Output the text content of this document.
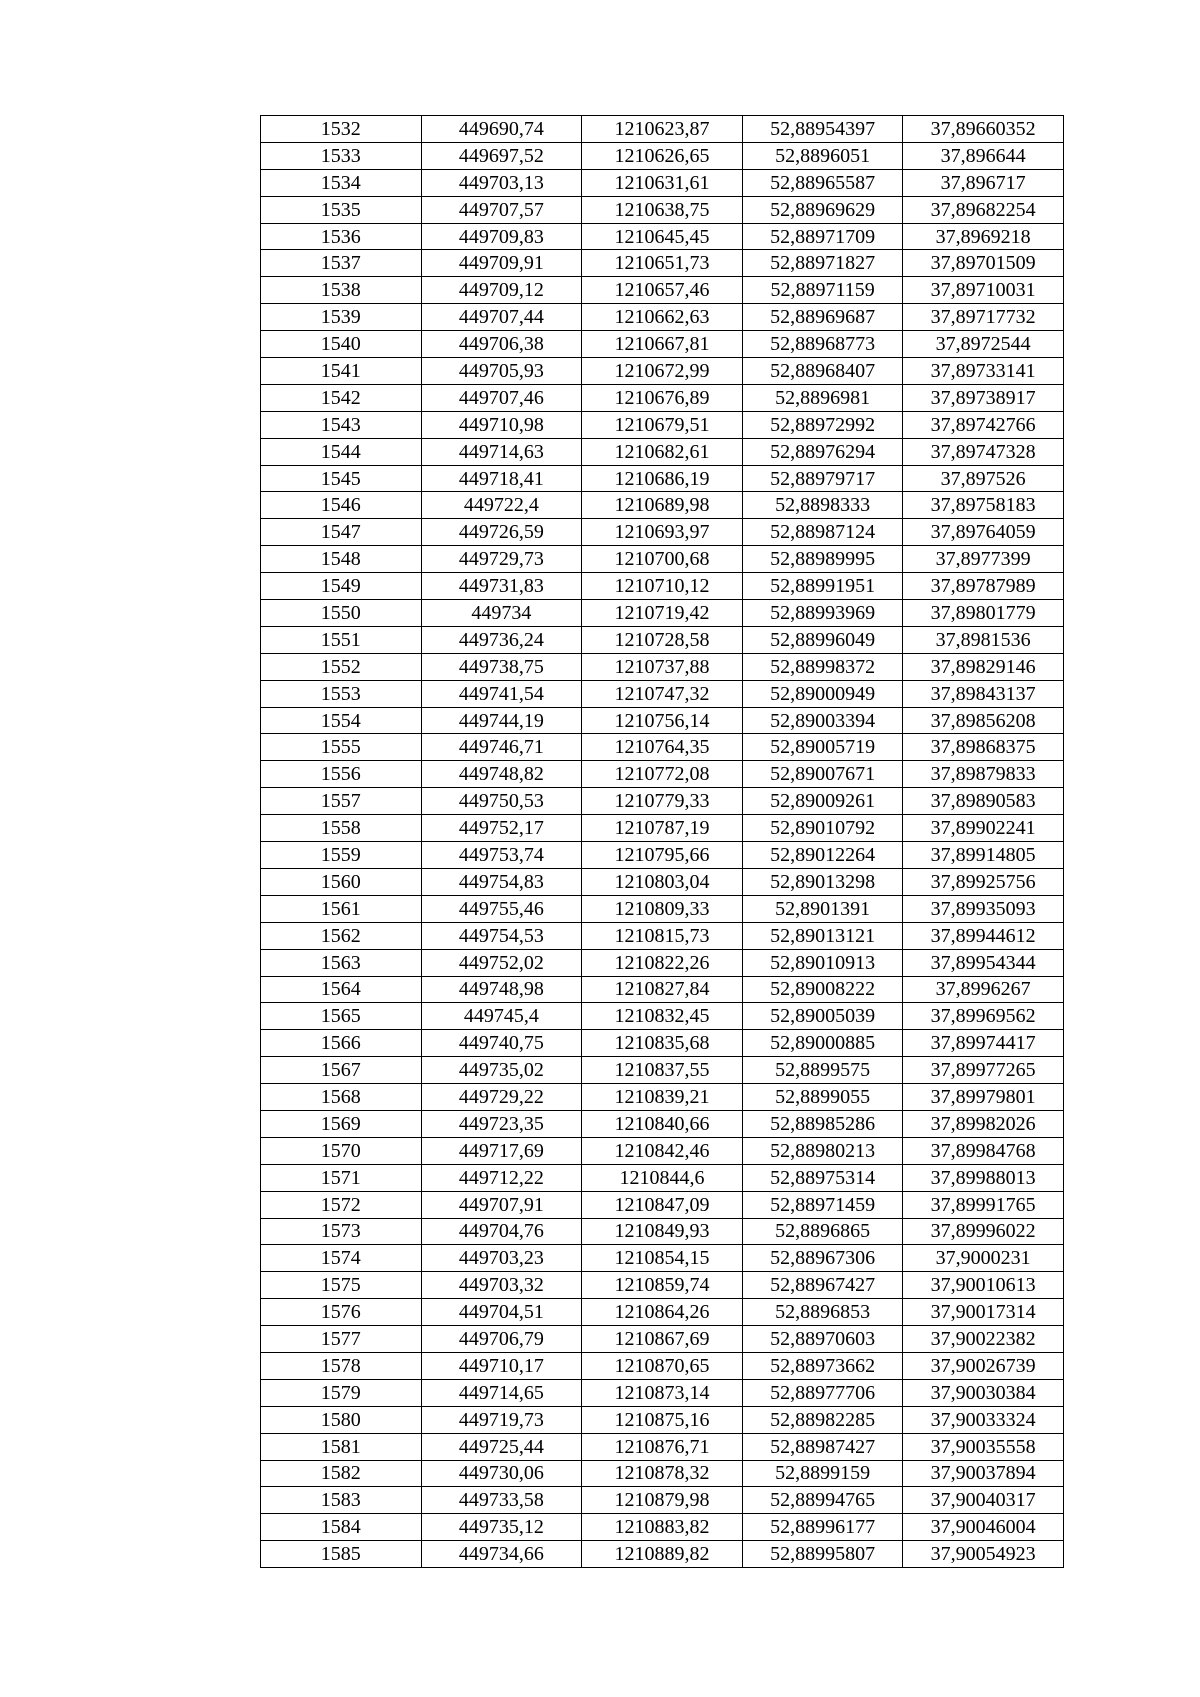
1532	449690,74	1210623,87	52,88954397	37,89660352
1533	449697,52	1210626,65	52,8896051	37,896644
1534	449703,13	1210631,61	52,88965587	37,896717
1535	449707,57	1210638,75	52,88969629	37,89682254
1536	449709,83	1210645,45	52,88971709	37,8969218
1537	449709,91	1210651,73	52,88971827	37,89701509
1538	449709,12	1210657,46	52,88971159	37,89710031
1539	449707,44	1210662,63	52,88969687	37,89717732
1540	449706,38	1210667,81	52,88968773	37,8972544
1541	449705,93	1210672,99	52,88968407	37,89733141
1542	449707,46	1210676,89	52,8896981	37,89738917
1543	449710,98	1210679,51	52,88972992	37,89742766
1544	449714,63	1210682,61	52,88976294	37,89747328
1545	449718,41	1210686,19	52,88979717	37,897526
1546	449722,4	1210689,98	52,8898333	37,89758183
1547	449726,59	1210693,97	52,88987124	37,89764059
1548	449729,73	1210700,68	52,88989995	37,8977399
1549	449731,83	1210710,12	52,88991951	37,89787989
1550	449734	1210719,42	52,88993969	37,89801779
1551	449736,24	1210728,58	52,88996049	37,8981536
1552	449738,75	1210737,88	52,88998372	37,89829146
1553	449741,54	1210747,32	52,89000949	37,89843137
1554	449744,19	1210756,14	52,89003394	37,89856208
1555	449746,71	1210764,35	52,89005719	37,89868375
1556	449748,82	1210772,08	52,89007671	37,89879833
1557	449750,53	1210779,33	52,89009261	37,89890583
1558	449752,17	1210787,19	52,89010792	37,89902241
1559	449753,74	1210795,66	52,89012264	37,89914805
1560	449754,83	1210803,04	52,89013298	37,89925756
1561	449755,46	1210809,33	52,8901391	37,89935093
1562	449754,53	1210815,73	52,89013121	37,89944612
1563	449752,02	1210822,26	52,89010913	37,89954344
1564	449748,98	1210827,84	52,89008222	37,8996267
1565	449745,4	1210832,45	52,89005039	37,89969562
1566	449740,75	1210835,68	52,89000885	37,89974417
1567	449735,02	1210837,55	52,8899575	37,89977265
1568	449729,22	1210839,21	52,8899055	37,89979801
1569	449723,35	1210840,66	52,88985286	37,89982026
1570	449717,69	1210842,46	52,88980213	37,89984768
1571	449712,22	1210844,6	52,88975314	37,89988013
1572	449707,91	1210847,09	52,88971459	37,89991765
1573	449704,76	1210849,93	52,8896865	37,89996022
1574	449703,23	1210854,15	52,88967306	37,9000231
1575	449703,32	1210859,74	52,88967427	37,90010613
1576	449704,51	1210864,26	52,8896853	37,90017314
1577	449706,79	1210867,69	52,88970603	37,90022382
1578	449710,17	1210870,65	52,88973662	37,90026739
1579	449714,65	1210873,14	52,88977706	37,90030384
1580	449719,73	1210875,16	52,88982285	37,90033324
1581	449725,44	1210876,71	52,88987427	37,90035558
1582	449730,06	1210878,32	52,8899159	37,90037894
1583	449733,58	1210879,98	52,88994765	37,90040317
1584	449735,12	1210883,82	52,88996177	37,90046004
1585	449734,66	1210889,82	52,88995807	37,90054923
